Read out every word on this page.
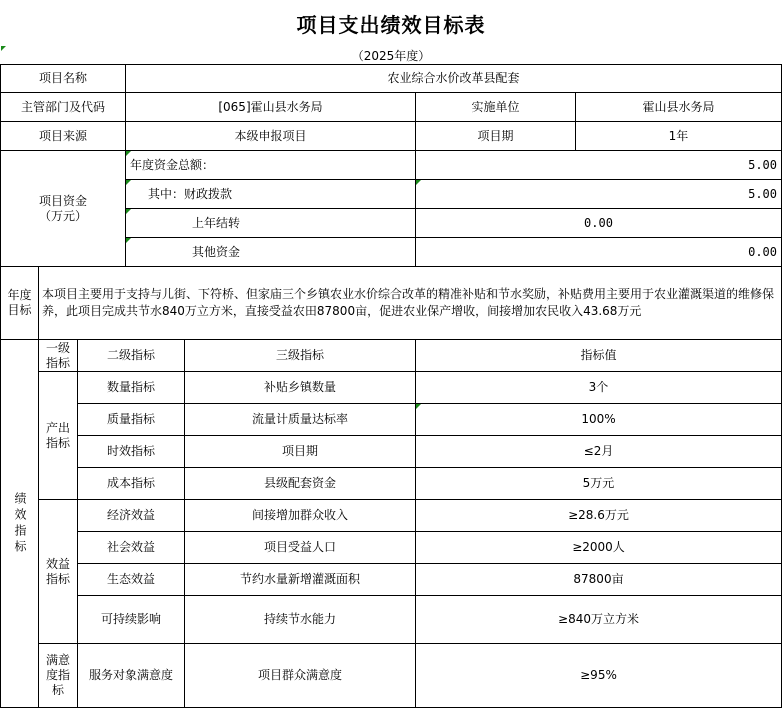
项目支出绩效目标表
（2025年度）
项目名称	农业综合水价改革县配套
主管部门及代码	[065]霍山县水务局	实施单位	霍山县水务局
项目来源	本级申报项目	项目期	1年
项目资金
（万元）
年度资金总额：	5.00
其中：财政拨款	5.00
上年结转	0.00
其他资金	0.00
年度
目标
本项目主要用于支持与儿街、下符桥、但家庙三个乡镇农业水价综合改革的精准补贴和节水奖励，补贴费用主要用于农业灌溉渠道的维修保养，此项目完成共节水840万立方米，直接受益农田87800亩，促进农业保产增收，间接增加农民收入43.68万元
绩效指标
一级
指标
二级指标	三级指标	指标值
产出
指标
效益
指标
满意
度指
标
数量指标	补贴乡镇数量	3个
质量指标	流量计质量达标率	100%
时效指标	项目期	≤2月
成本指标	县级配套资金	5万元
经济效益	间接增加群众收入	≥28.6万元
社会效益	项目受益人口	≥2000人
生态效益	节约水量新增灌溉面积	87800亩
可持续影响	持续节水能力	≥840万立方米
服务对象满意度	项目群众满意度	≥95%
